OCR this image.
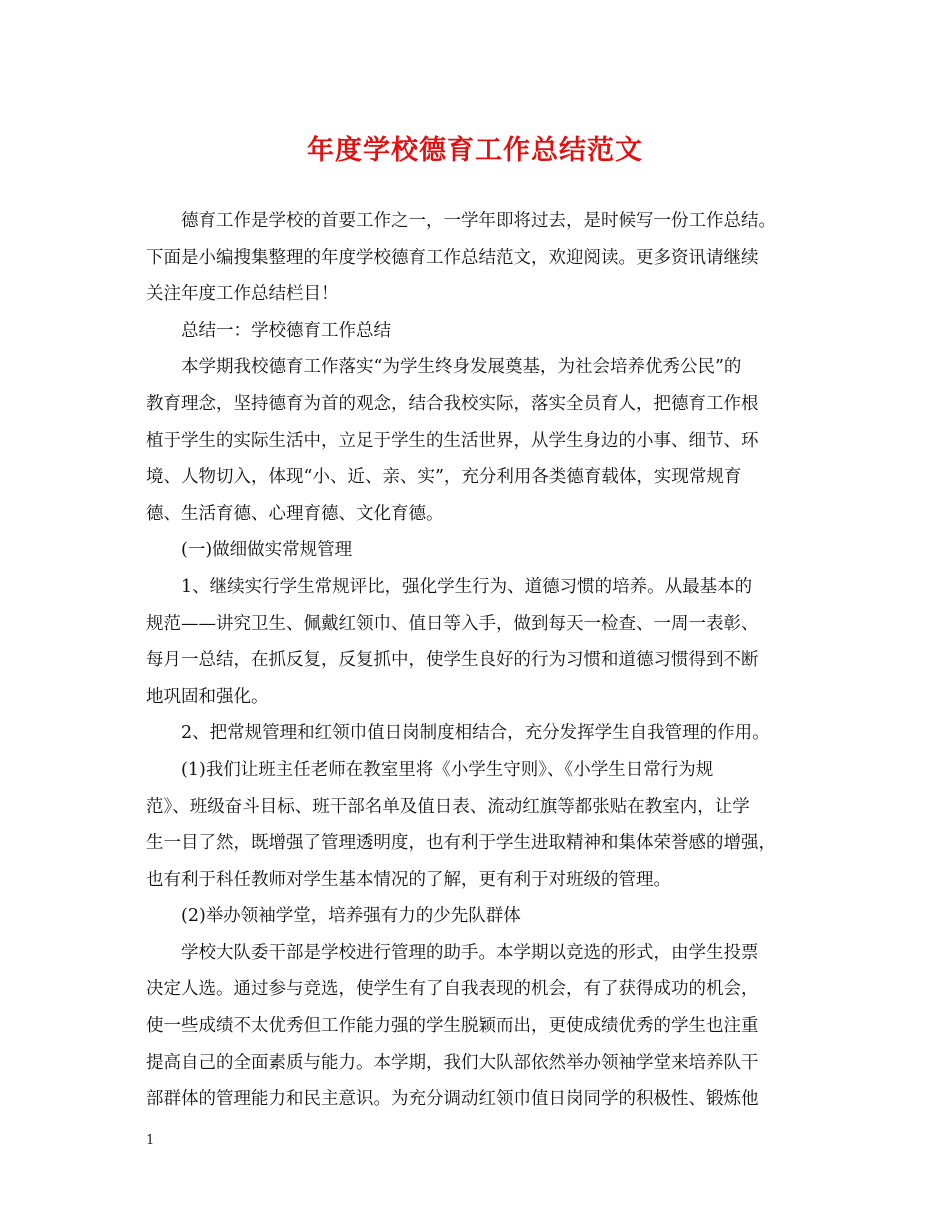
年度学校德育工作总结范文
德育工作是学校的首要工作之一，一学年即将过去，是时候写一份工作总结。
下面是小编搜集整理的年度学校德育工作总结范文，欢迎阅读。更多资讯请继续
关注年度工作总结栏目！
总结一：学校德育工作总结
本学期我校德育工作落实“为学生终身发展奠基，为社会培养优秀公民”的
教育理念，坚持德育为首的观念，结合我校实际，落实全员育人，把德育工作根
植于学生的实际生活中，立足于学生的生活世界，从学生身边的小事、细节、环
境、人物切入，体现“小、近、亲、实”，充分利用各类德育载体，实现常规育
德、生活育德、心理育德、文化育德。
(一)做细做实常规管理
1、继续实行学生常规评比，强化学生行为、道德习惯的培养。从最基本的
规范——讲究卫生、佩戴红领巾、值日等入手，做到每天一检查、一周一表彰、
每月一总结，在抓反复，反复抓中，使学生良好的行为习惯和道德习惯得到不断
地巩固和强化。
2、把常规管理和红领巾值日岗制度相结合，充分发挥学生自我管理的作用。
(1)我们让班主任老师在教室里将《小学生守则》、《小学生日常行为规
范》、班级奋斗目标、班干部名单及值日表、流动红旗等都张贴在教室内，让学
生一目了然，既增强了管理透明度，也有利于学生进取精神和集体荣誉感的增强，
也有利于科任教师对学生基本情况的了解，更有利于对班级的管理。
(2)举办领袖学堂，培养强有力的少先队群体
学校大队委干部是学校进行管理的助手。本学期以竞选的形式，由学生投票
决定人选。通过参与竞选，使学生有了自我表现的机会，有了获得成功的机会，
使一些成绩不太优秀但工作能力强的学生脱颖而出，更使成绩优秀的学生也注重
提高自己的全面素质与能力。本学期，我们大队部依然举办领袖学堂来培养队干
部群体的管理能力和民主意识。为充分调动红领巾值日岗同学的积极性、锻炼他
1
